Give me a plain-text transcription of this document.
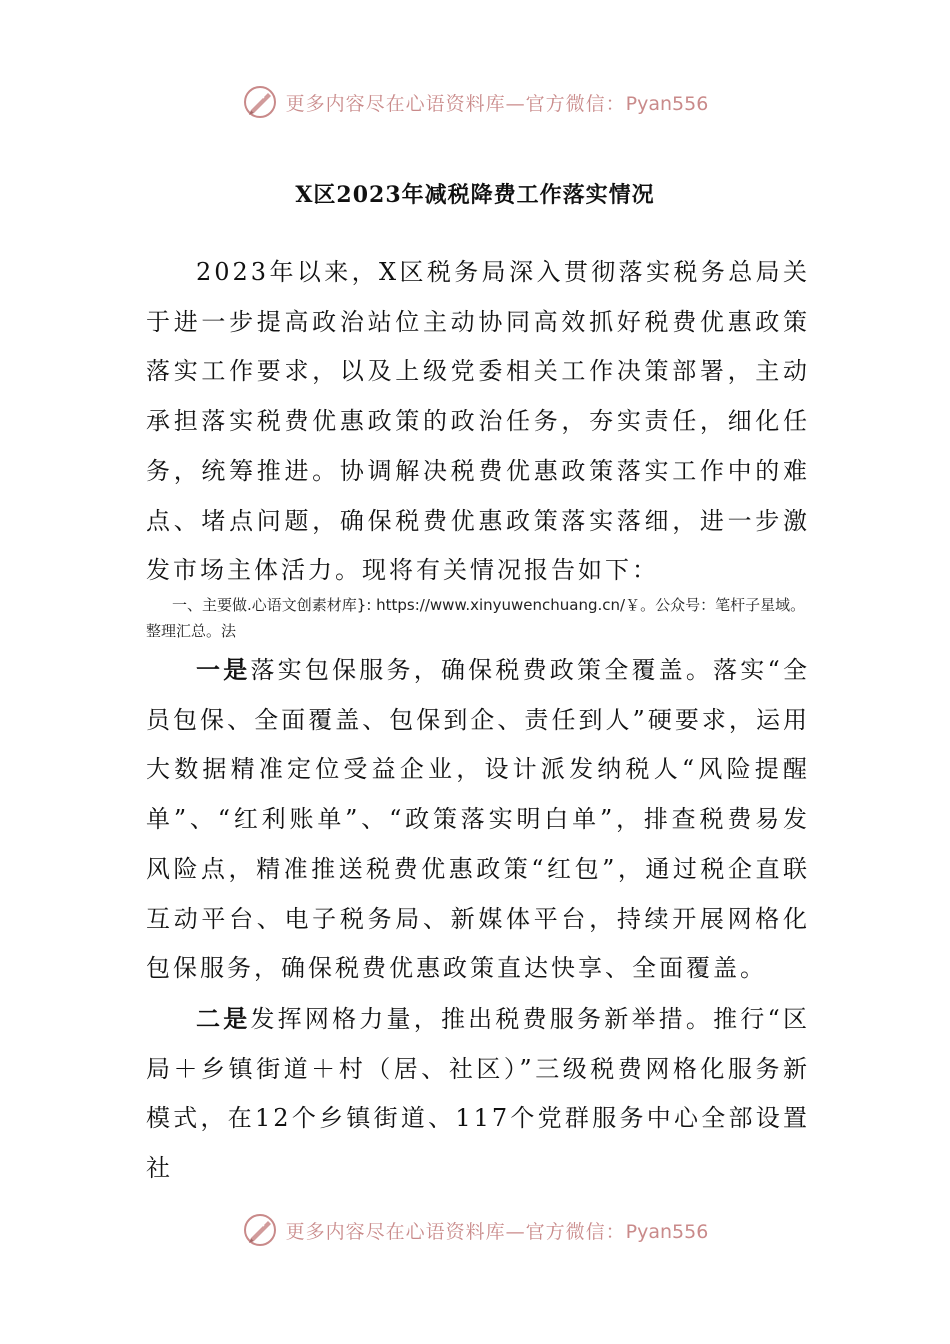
更多内容尽在心语资料库—官方微信：Pyan556
X区2023年减税降费工作落实情况

2023年以来，X区税务局深入贯彻落实税务总局关于进一步提高政治站位主动协同高效抓好税费优惠政策落实工作要求，以及上级党委相关工作决策部署，主动承担落实税费优惠政策的政治任务，夯实责任，细化任务，统筹推进。协调解决税费优惠政策落实工作中的难点、堵点问题，确保税费优惠政策落实落细，进一步激发市场主体活力。现将有关情况报告如下：

一、主要做.心语文创素材库}: https://www.xinyuwenchuang.cn/￥。公众号：笔杆子星域。整理汇总。法

一是落实包保服务，确保税费政策全覆盖。落实“全员包保、全面覆盖、包保到企、责任到人”硬要求，运用大数据精准定位受益企业，设计派发纳税人“风险提醒单”、“红利账单”、“政策落实明白单”，排查税费易发风险点，精准推送税费优惠政策“红包”，通过税企直联互动平台、电子税务局、新媒体平台，持续开展网格化包保服务，确保税费优惠政策直达快享、全面覆盖。

二是发挥网格力量，推出税费服务新举措。推行“区局＋乡镇街道＋村（居、社区）”三级税费网格化服务新模式，在12个乡镇街道、117个党群服务中心全部设置社

更多内容尽在心语资料库—官方微信：Pyan556
